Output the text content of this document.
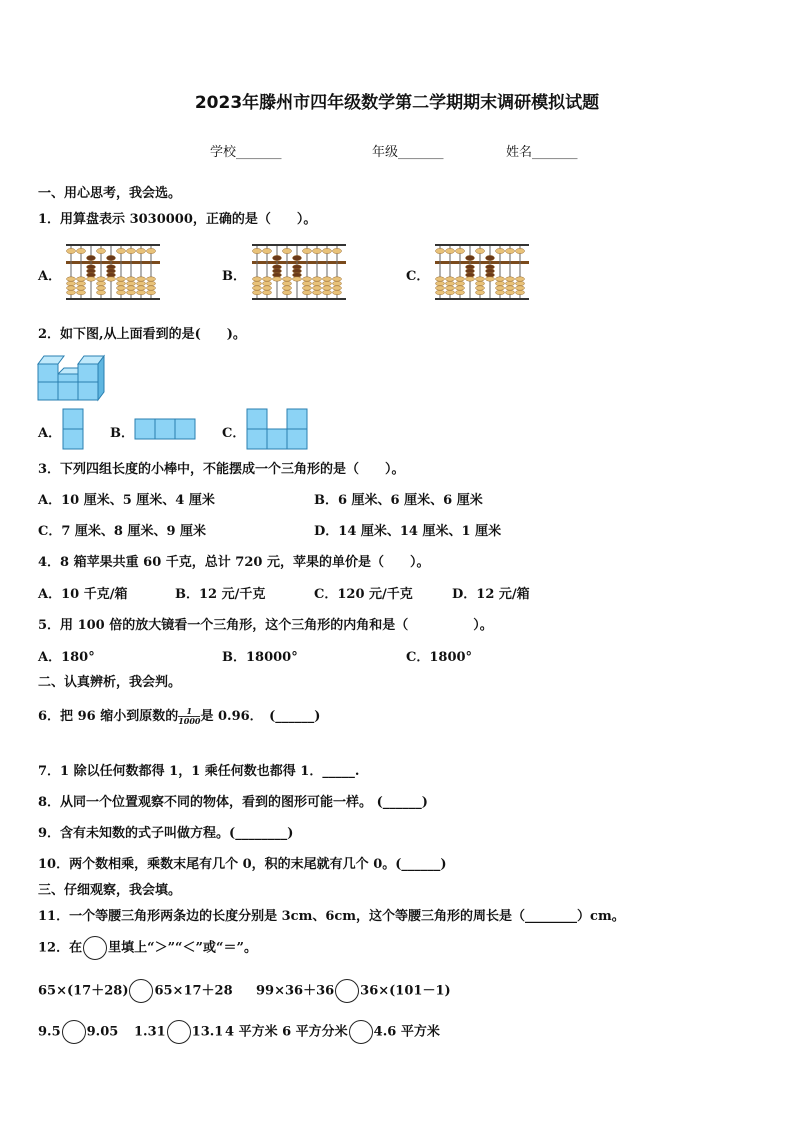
2023年滕州市四年级数学第二学期期末调研模拟试题
学校_______	年级_______	姓名_______
一、用心思考，我会选。
1．用算盘表示 3030000，正确的是（　　）。
A．	B．	C．
2．如下图,从上面看到的是(　　)。
A．	B．	C．
3．下列四组长度的小棒中，不能摆成一个三角形的是（　　）。
A．10 厘米、5 厘米、4 厘米	B．6 厘米、6 厘米、6 厘米
C．7 厘米、8 厘米、9 厘米	D．14 厘米、14 厘米、1 厘米
4．8 箱苹果共重 60 千克，总计 720 元，苹果的单价是（　　）。
A．10 千克/箱	B．12 元/千克	C．120 元/千克	D．12 元/箱
5．用 100 倍的放大镜看一个三角形，这个三角形的内角和是（　　　　　）。
A．180°	B．18000°	C．1800°
二、认真辨析，我会判。
6．把 96 缩小到原数的 $\frac{1}{1000}$ 是 0.96．　(______)
7．1 除以任何数都得 1，1 乘任何数也都得 1．_____.
8．从同一个位置观察不同的物体，看到的图形可能一样。 (______)
9．含有未知数的式子叫做方程。(________)
10．两个数相乘，乘数末尾有几个 0，积的末尾就有几个 0。(______)
三、仔细观察，我会填。
11．一个等腰三角形两条边的长度分别是 3cm、6cm，这个等腰三角形的周长是（________）cm。
12．在 里填上“＞”“＜”或“＝”。
65×(17＋28) 65×17＋28 99×36＋36 36×(101－1)
9.5 9.05 1.31 13.1 4 平方米 6 平方分米 4.6 平方米
